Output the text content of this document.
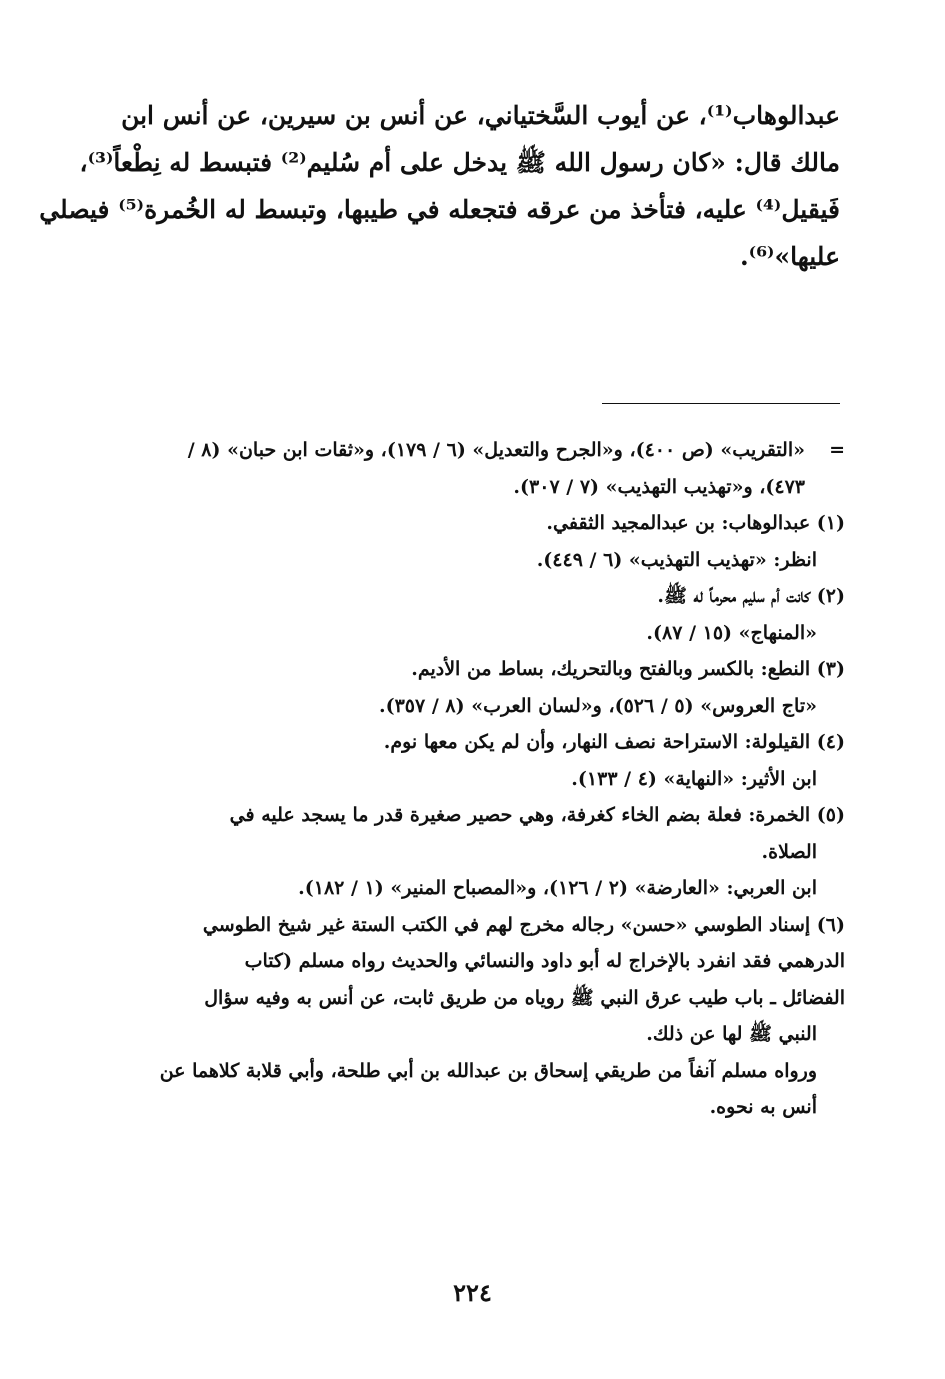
عبدالوهاب⁽¹⁾، عن أيوب السَّختياني، عن أنس بن سيرين، عن أنس ابن
مالك قال: «كان رسول الله ﷺ يدخل على أم سُليم⁽²⁾ فتبسط له نِطْعاً⁽³⁾،
فَيقيل⁽⁴⁾ عليه، فتأخذ من عرقه فتجعله في طيبها، وتبسط له الخُمرة⁽⁵⁾ فيصلي
عليها»⁽⁶⁾.
=«التقريب» (ص ٤٠٠)، و«الجرح والتعديل» (٦ / ١٧٩)، و«ثقات ابن حبان» (٨ /
٤٧٣)، و«تهذيب التهذيب» (٧ / ٣٠٧).
(١) عبدالوهاب: بن عبدالمجيد الثقفي.
انظر: «تهذيب التهذيب» (٦ / ٤٤٩).
(٢) كانت أم سليم محرماً له ﷺ.
«المنهاج» (١٥ / ٨٧).
(٣) النطع: بالكسر وبالفتح وبالتحريك، بساط من الأديم.
«تاج العروس» (٥ / ٥٢٦)، و«لسان العرب» (٨ / ٣٥٧).
(٤) القيلولة: الاستراحة نصف النهار، وأن لم يكن معها نوم.
ابن الأثير: «النهاية» (٤ / ١٣٣).
(٥) الخمرة: فعلة بضم الخاء كغرفة، وهي حصير صغيرة قدر ما يسجد عليه في
الصلاة.
ابن العربي: «العارضة» (٢ / ١٢٦)، و«المصباح المنير» (١ / ١٨٢).
(٦) إسناد الطوسي «حسن» رجاله مخرج لهم في الكتب الستة غير شيخ الطوسي
الدرهمي فقد انفرد بالإخراج له أبو داود والنسائي والحديث رواه مسلم (كتاب
الفضائل ـ باب طيب عرق النبي ﷺ روياه من طريق ثابت، عن أنس به وفيه سؤال
النبي ﷺ لها عن ذلك.
ورواه مسلم آنفاً من طريقي إسحاق بن عبدالله بن أبي طلحة، وأبي قلابة كلاهما عن
أنس به نحوه.
٢٢٤
